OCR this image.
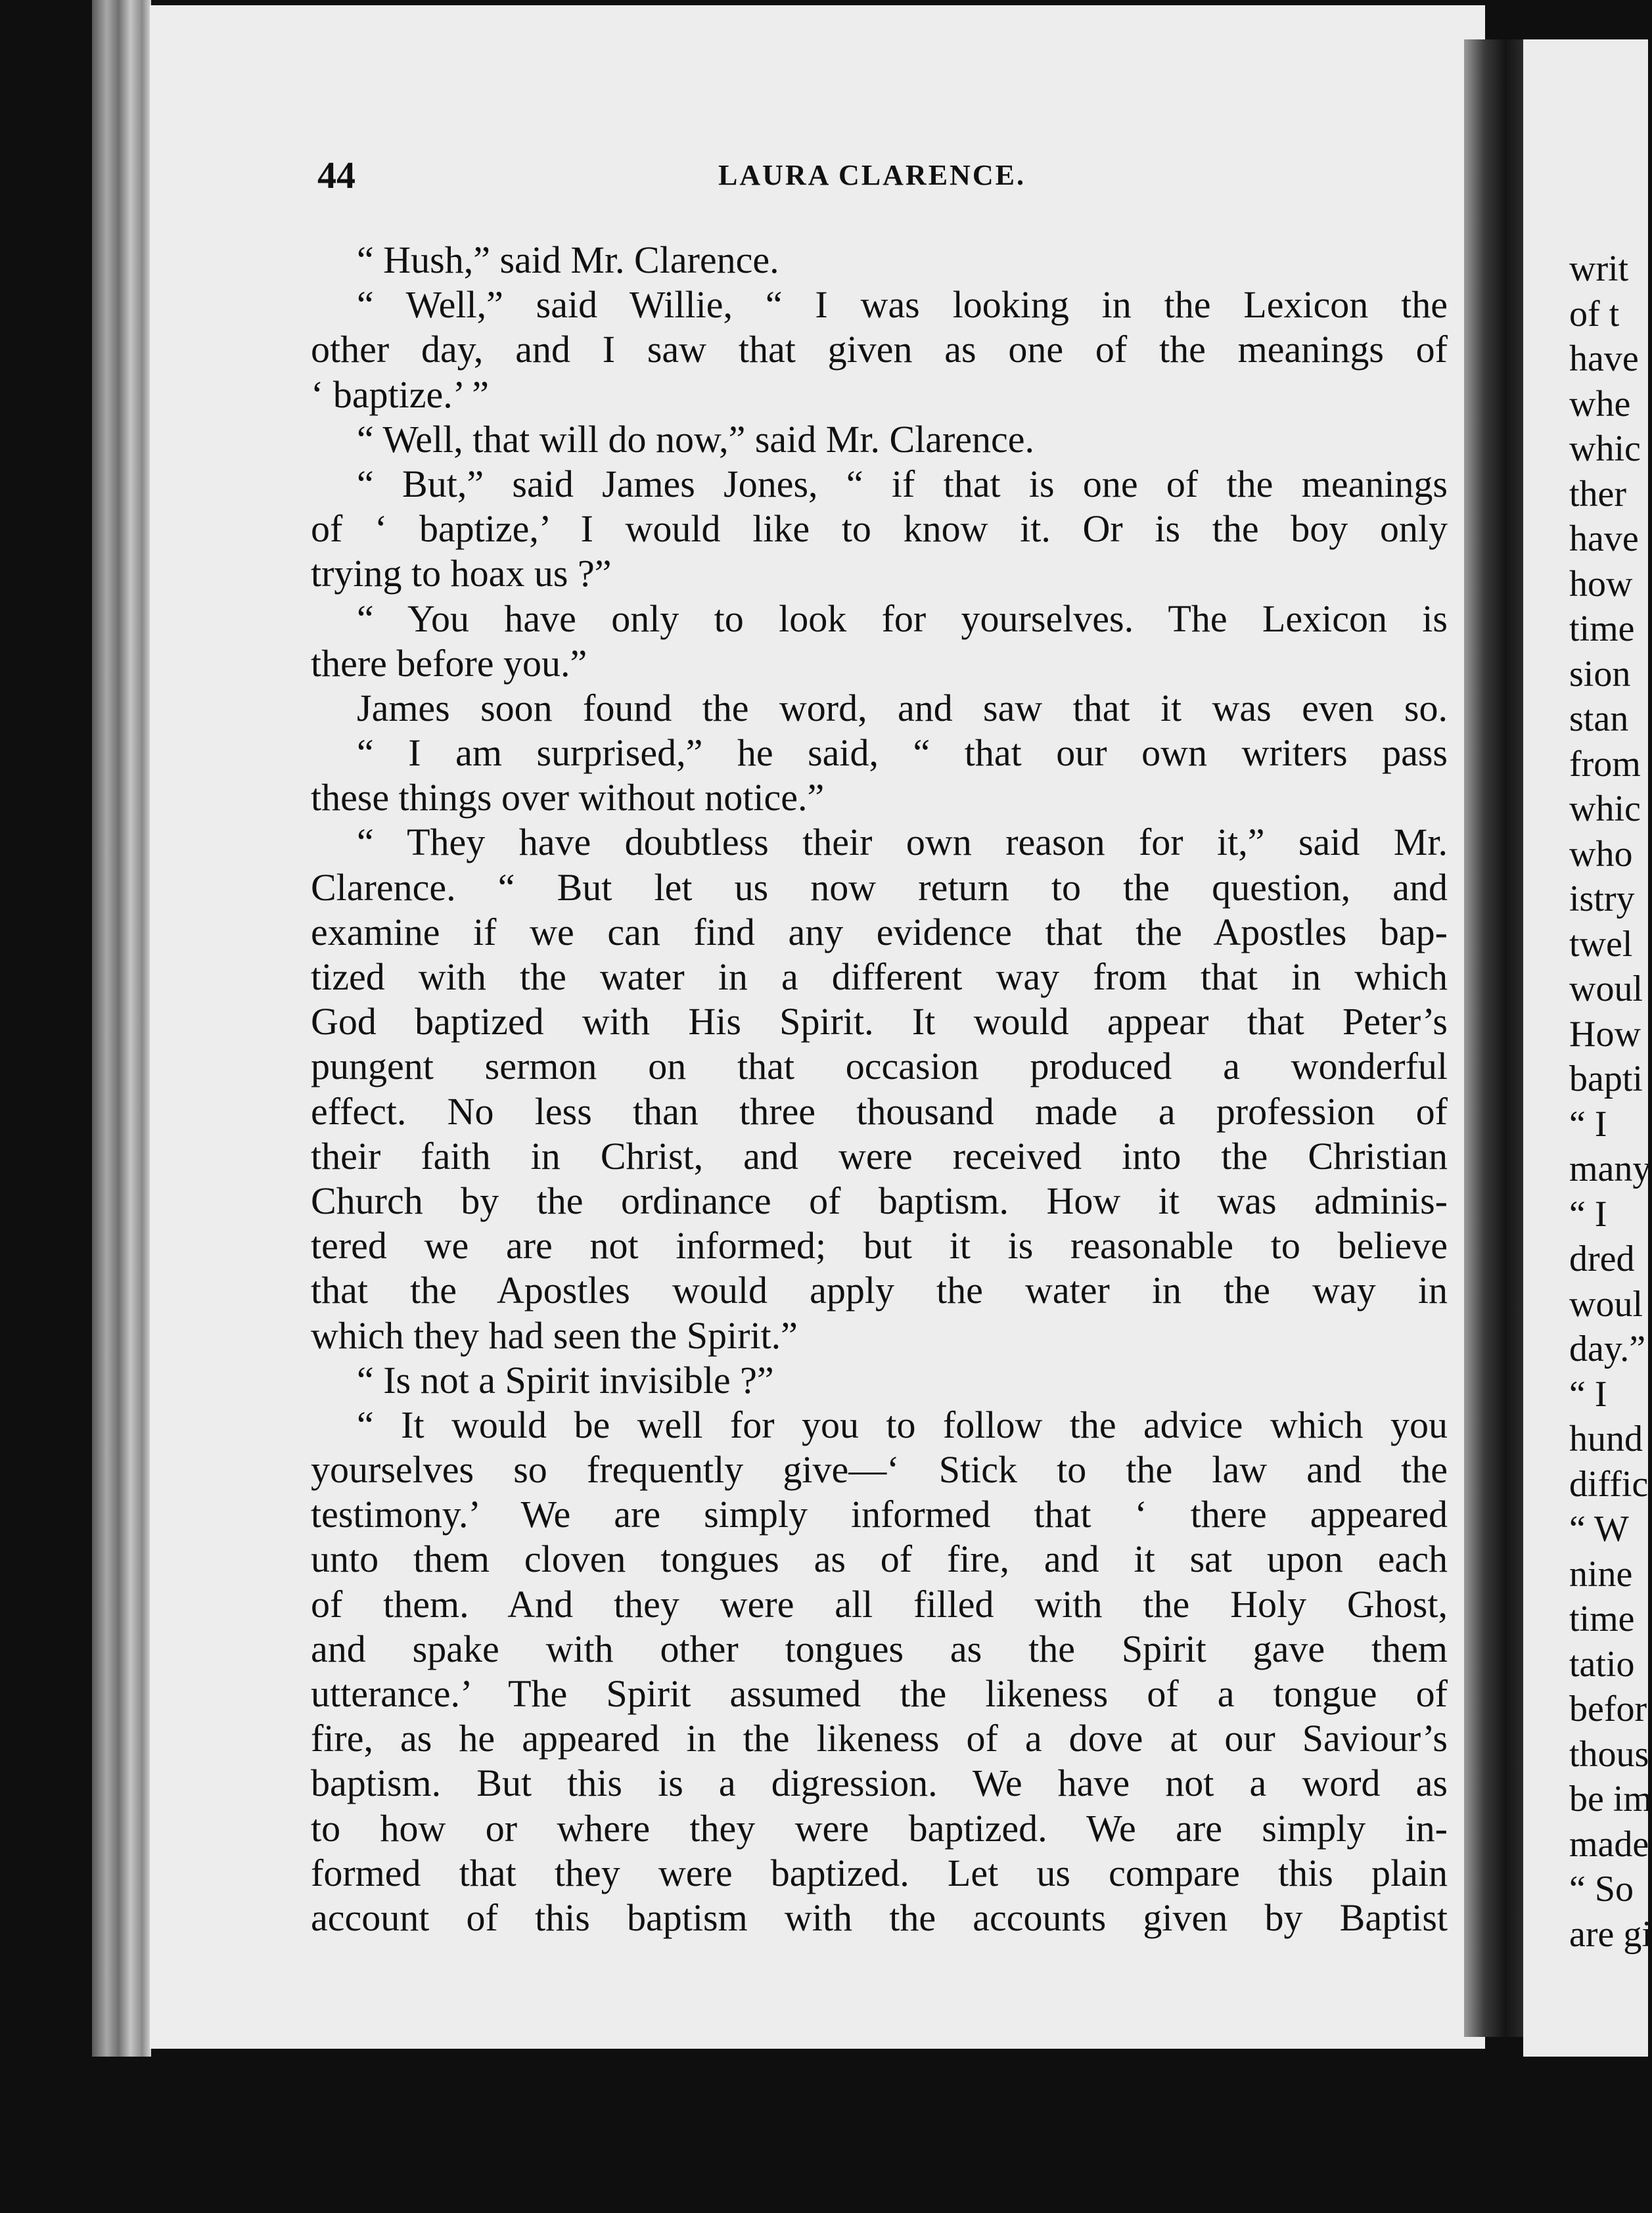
44	LAURA CLARENCE.
“ Hush,” said Mr. Clarence.
“ Well,” said Willie, “ I was looking in the Lexicon the
other day, and I saw that given as one of the meanings of
‘ baptize.’ ”
“ Well, that will do now,” said Mr. Clarence.
“ But,” said James Jones, “ if that is one of the meanings
of ‘ baptize,’ I would like to know it. Or is the boy only
trying to hoax us ?”
“ You have only to look for yourselves. The Lexicon is
there before you.”
James soon found the word, and saw that it was even so.
“ I am surprised,” he said, “ that our own writers pass
these things over without notice.”
“ They have doubtless their own reason for it,” said Mr.
Clarence. “ But let us now return to the question, and
examine if we can find any evidence that the Apostles bap-
tized with the water in a different way from that in which
God baptized with His Spirit. It would appear that Peter’s
pungent sermon on that occasion produced a wonderful
effect. No less than three thousand made a profession of
their faith in Christ, and were received into the Christian
Church by the ordinance of baptism. How it was adminis-
tered we are not informed; but it is reasonable to believe
that the Apostles would apply the water in the way in
which they had seen the Spirit.”
“ Is not a Spirit invisible ?”
“ It would be well for you to follow the advice which you
yourselves so frequently give—‘ Stick to the law and the
testimony.’ We are simply informed that ‘ there appeared
unto them cloven tongues as of fire, and it sat upon each
of them. And they were all filled with the Holy Ghost,
and spake with other tongues as the Spirit gave them
utterance.’ The Spirit assumed the likeness of a tongue of
fire, as he appeared in the likeness of a dove at our Saviour’s
baptism. But this is a digression. We have not a word as
to how or where they were baptized. We are simply in-
formed that they were baptized. Let us compare this plain
account of this baptism with the accounts given by Baptist
writ
of t
have
whe
whic
ther
have
how
time
sion
stan
from
whic
who
istry
twel
woul
How
bapti
“ I
many
“ I
dred
woul
day.”
“ I
hund
diffic
“ W
nine
time
tatio
befor
thous
be im
made
“ So
are gi
